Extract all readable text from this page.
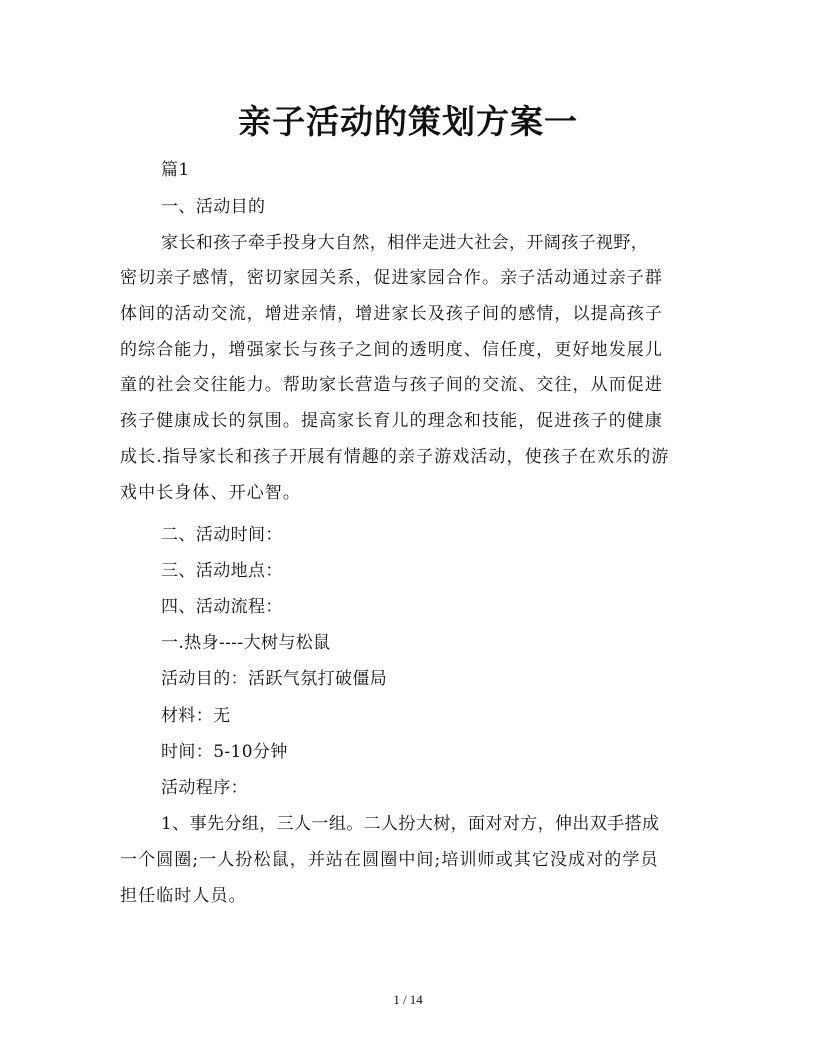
亲子活动的策划方案一
篇1
一、活动目的
家长和孩子牵手投身大自然，相伴走进大社会，开阔孩子视野，
密切亲子感情，密切家园关系，促进家园合作。亲子活动通过亲子群
体间的活动交流，增进亲情，增进家长及孩子间的感情，以提高孩子
的综合能力，增强家长与孩子之间的透明度、信任度，更好地发展儿
童的社会交往能力。帮助家长营造与孩子间的交流、交往，从而促进
孩子健康成长的氛围。提高家长育儿的理念和技能，促进孩子的健康
成长.指导家长和孩子开展有情趣的亲子游戏活动，使孩子在欢乐的游
戏中长身体、开心智。
二、活动时间：
三、活动地点：
四、活动流程：
一.热身----大树与松鼠
活动目的：活跃气氛打破僵局
材料：无
时间：5-10分钟
活动程序：
1、事先分组，三人一组。二人扮大树，面对对方，伸出双手搭成
一个圆圈;一人扮松鼠，并站在圆圈中间;培训师或其它没成对的学员
担任临时人员。
1 / 14
